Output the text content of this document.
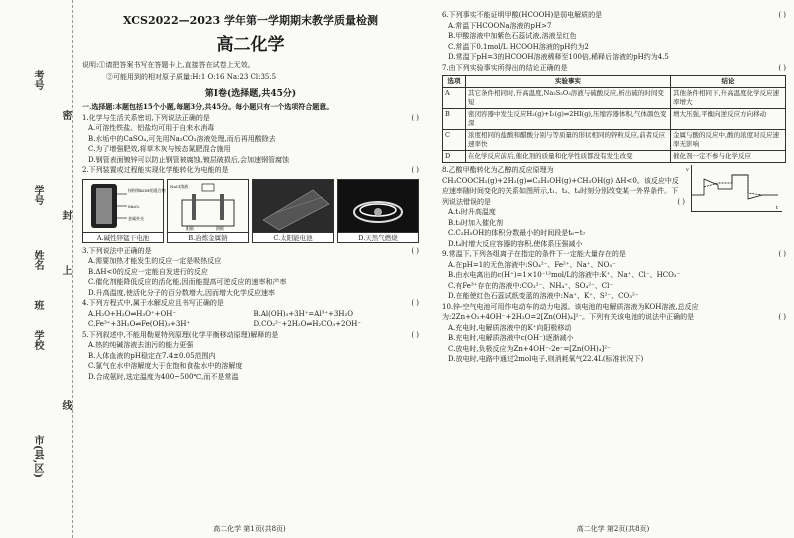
考号
学号
姓名
班
学校
市(县,区)
密
封
线
上
XCS2022—2023 学年第一学期期末教学质量检测
高二化学
说明:①请把答案书写在答题卡上,直接答在试卷上无效。
②可能用到的相对原子质量:H:1 O:16 Na:23 Cl:35.5
第Ⅰ卷(选择题,共45分)
一.选择题:本题包括15个小题,每题3分,共45分。每小题只有一个选项符合题意。
1.化学与生活关系密切,下列说法正确的是	( )
A.可溶性铁盐、铝盐均可用于自来水消毒
B.水垢中的CaSO₄,可先用Na₂CO₃溶液处理,而后再用酸除去
C.为了增强肥效,将草木灰与铵态氮肥混合施用
D.钢管表面镀锌可以防止钢管被腐蚀,镀层破损后,会加速钢管腐蚀
2.下列装置或过程能实现化学能转化为电能的是	( )
锌粉和KOH的混合物
MnO₂
金属外壳
A.碱性锌锰干电池
NaCl溶液
阳极	阴极
B.冶炼金属钠	C.太阳能电池	D.天然气燃烧
3.下列说法中正确的是	( )
A.需要加热才能发生的反应一定是吸热反应
B.ΔH<0的反应一定能自发进行的反应
C.催化剂能降低反应的活化能,因而能提高可逆反应的速率和产率
D.升高温度,使活化分子的百分数增大,因而增大化学反应速率
4.下列方程式中,属于水解反应且书写正确的是	( )
A.H₂O+H₂O⇌H₃O⁺+OH⁻	B.Al(OH)₃+3H⁺=Al³⁺+3H₂O
C.Fe³⁺+3H₂O⇌Fe(OH)₃+3H⁺	D.CO₃²⁻+2H₂O⇌H₂CO₃+2OH⁻
5.下列叙述中,不能用勒夏特列原理(化学平衡移动原理)解释的是	( )
A.热的纯碱溶液去油污的能力更强
B.人体血液的pH稳定在7.4±0.05范围内
C.氯气在水中溶解度大于在饱和食盐水中的溶解度
D.合成氨时,选定温度为400~500℃,而不是常温
高二化学 第1页(共8页)
6.下列事实不能证明甲酸(HCOOH)是弱电解质的是	( )
A.常温下HCOONa溶液的pH>7
B.甲酸溶液中加紫色石蕊试液,溶液呈红色
C.常温下0.1mol/L HCOOH溶液的pH约为2
D.常温下pH=3的HCOOH溶液稀释至100倍,稀释后溶液的pH约为4.5
7.由下列实验事实所得出的结论正确的是	( )
选项	实验事实	结论
A	其它条件相同时,升高温度,Na₂S₂O₃溶液与硫酸反应,析出硫的时间变短	其他条件相同下,升高温度化学反应速率增大
B	密闭容器中发生反应H₂(g)+I₂(g)⇌2HI(g),压缩容器体积,气体颜色变深	增大压强,平衡向逆反应方向移动
C	浓度相同的盐酸和醋酸分别与等质量的形状相同的锌粒反应,前者反应速率快	金属与酸的反应中,酸的浓度对反应速率无影响
D	在化学反应前后,催化剂的质量和化学性质都没有发生改变	催化剂一定不参与化学反应
v
t
8.乙酸甲酯转化为乙醇的反应原理为CH₃COOCH₃(g)+2H₂(g)⇌C₂H₅OH(g)+CH₃OH(g) ΔH<0。该反应中反应速率随时间变化的关系如图所示,t₁、t₃、t₄时刻分别改变某一外界条件。下列说法错误的是	( )
A.t₁时升高温度
B.t₃时加入催化剂
C.C₂H₅OH的体积分数最小的时间段是t₆~t₇
D.t₄时增大反应容器的容积,使体系压强减小
9.常温下,下列各组离子在指定的条件下一定能大量存在的是	( )
A.在pH=1的无色溶液中:SO₄²⁻、Fe²⁺、Na⁺、NO₃⁻
B.由水电离出的c(H⁺)=1×10⁻¹²mol/L的溶液中:K⁺、Na⁺、Cl⁻、HCO₃⁻
C.有Fe³⁺存在的溶液中:CO₃²⁻、NH₄⁺、SO₄²⁻、Cl⁻
D.在能使红色石蕊试纸变蓝的溶液中:Na⁺、K⁺、S²⁻、CO₃²⁻
10.锌-空气电池可用作电动车的动力电源。该电池的电解质溶液为KOH溶液,总反应为:2Zn+O₂+4OH⁻+2H₂O=2[Zn(OH)₄]²⁻。下列有关该电池的说法中正确的是	( )
A.充电时,电解质溶液中的K⁺向阳极移动
B.充电时,电解质溶液中c(OH⁻)逐渐减小
C.放电时,负极反应为Zn+4OH⁻-2e⁻=[Zn(OH)₄]²⁻
D.放电时,电路中通过2mol电子,则消耗氧气22.4L(标准状况下)
高二化学 第2页(共8页)
